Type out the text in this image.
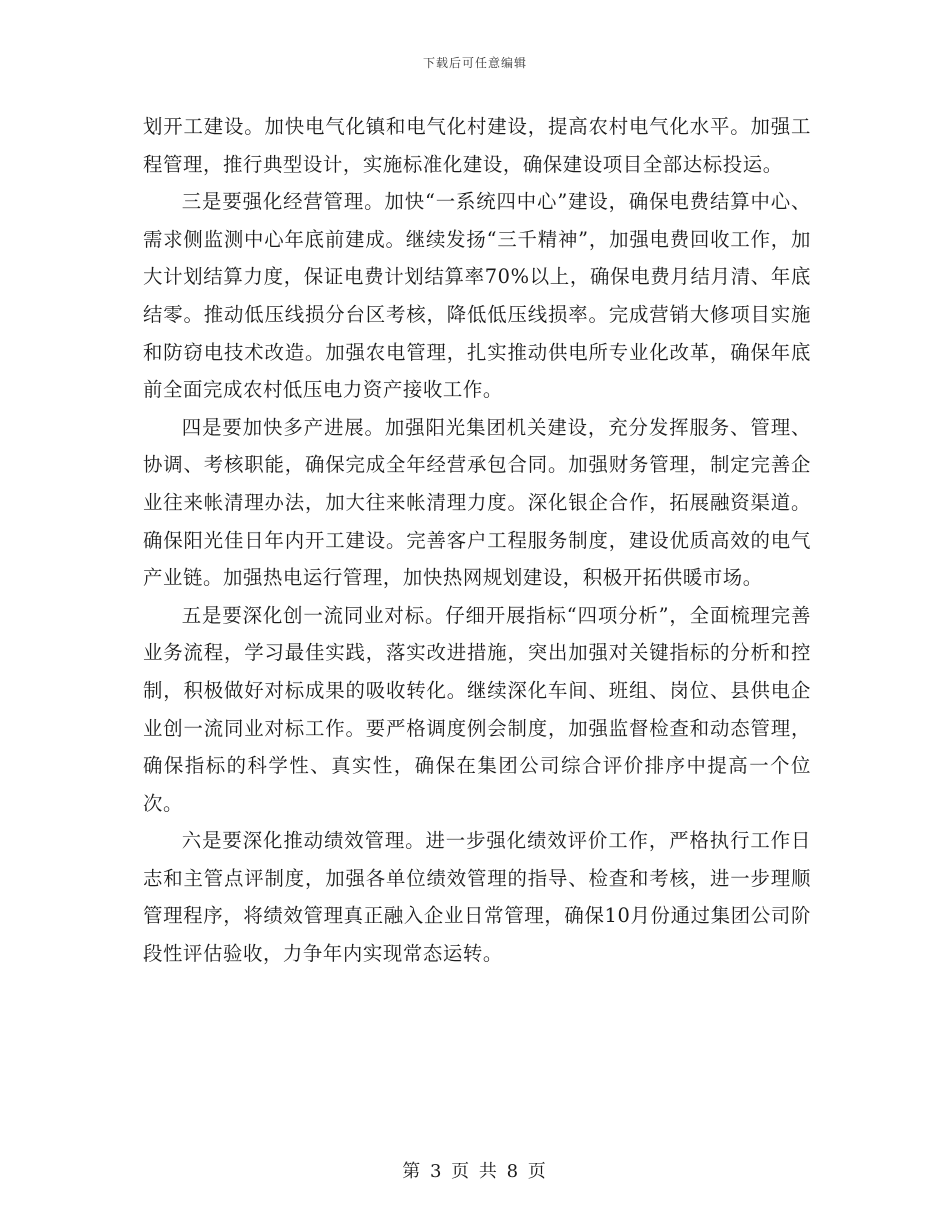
下载后可任意编辑

划开工建设。加快电气化镇和电气化村建设，提高农村电气化水平。加强工程管理，推行典型设计，实施标准化建设，确保建设项目全部达标投运。

三是要强化经营管理。加快“一系统四中心”建设，确保电费结算中心、需求侧监测中心年底前建成。继续发扬“三千精神”，加强电费回收工作，加大计划结算力度，保证电费计划结算率70%以上，确保电费月结月清、年底结零。推动低压线损分台区考核，降低低压线损率。完成营销大修项目实施和防窃电技术改造。加强农电管理，扎实推动供电所专业化改革，确保年底前全面完成农村低压电力资产接收工作。

四是要加快多产进展。加强阳光集团机关建设，充分发挥服务、管理、协调、考核职能，确保完成全年经营承包合同。加强财务管理，制定完善企业往来帐清理办法，加大往来帐清理力度。深化银企合作，拓展融资渠道。确保阳光佳日年内开工建设。完善客户工程服务制度，建设优质高效的电气产业链。加强热电运行管理，加快热网规划建设，积极开拓供暖市场。

五是要深化创一流同业对标。仔细开展指标“四项分析”，全面梳理完善业务流程，学习最佳实践，落实改进措施，突出加强对关键指标的分析和控制，积极做好对标成果的吸收转化。继续深化车间、班组、岗位、县供电企业创一流同业对标工作。要严格调度例会制度，加强监督检查和动态管理，确保指标的科学性、真实性，确保在集团公司综合评价排序中提高一个位次。

六是要深化推动绩效管理。进一步强化绩效评价工作，严格执行工作日志和主管点评制度，加强各单位绩效管理的指导、检查和考核，进一步理顺管理程序，将绩效管理真正融入企业日常管理，确保10月份通过集团公司阶段性评估验收，力争年内实现常态运转。

第 3 页 共 8 页
